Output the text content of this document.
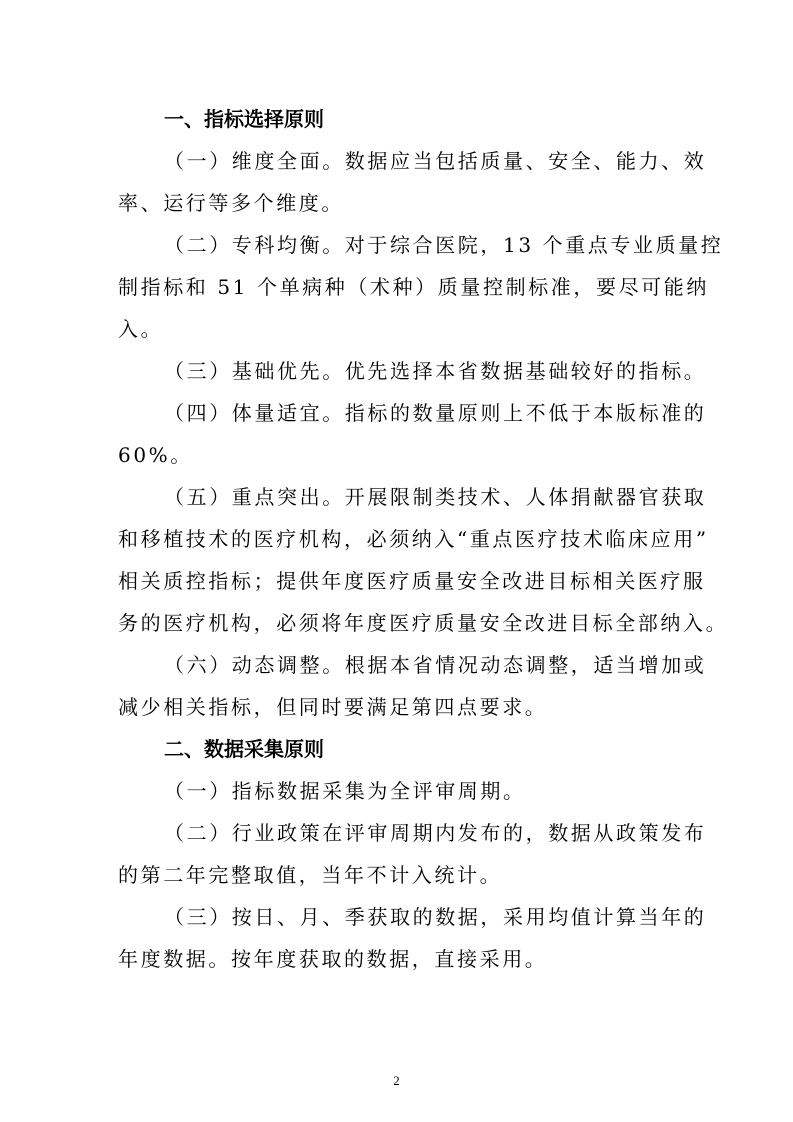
一、指标选择原则

（一）维度全面。数据应当包括质量、安全、能力、效
率、运行等多个维度。

（二）专科均衡。对于综合医院，13 个重点专业质量控
制指标和 51 个单病种（术种）质量控制标准，要尽可能纳
入。

（三）基础优先。优先选择本省数据基础较好的指标。

（四）体量适宜。指标的数量原则上不低于本版标准的
60%。

（五）重点突出。开展限制类技术、人体捐献器官获取
和移植技术的医疗机构，必须纳入“重点医疗技术临床应用”
相关质控指标；提供年度医疗质量安全改进目标相关医疗服
务的医疗机构，必须将年度医疗质量安全改进目标全部纳入。

（六）动态调整。根据本省情况动态调整，适当增加或
减少相关指标，但同时要满足第四点要求。

二、数据采集原则

（一）指标数据采集为全评审周期。

（二）行业政策在评审周期内发布的，数据从政策发布
的第二年完整取值，当年不计入统计。

（三）按日、月、季获取的数据，采用均值计算当年的
年度数据。按年度获取的数据，直接采用。

2
